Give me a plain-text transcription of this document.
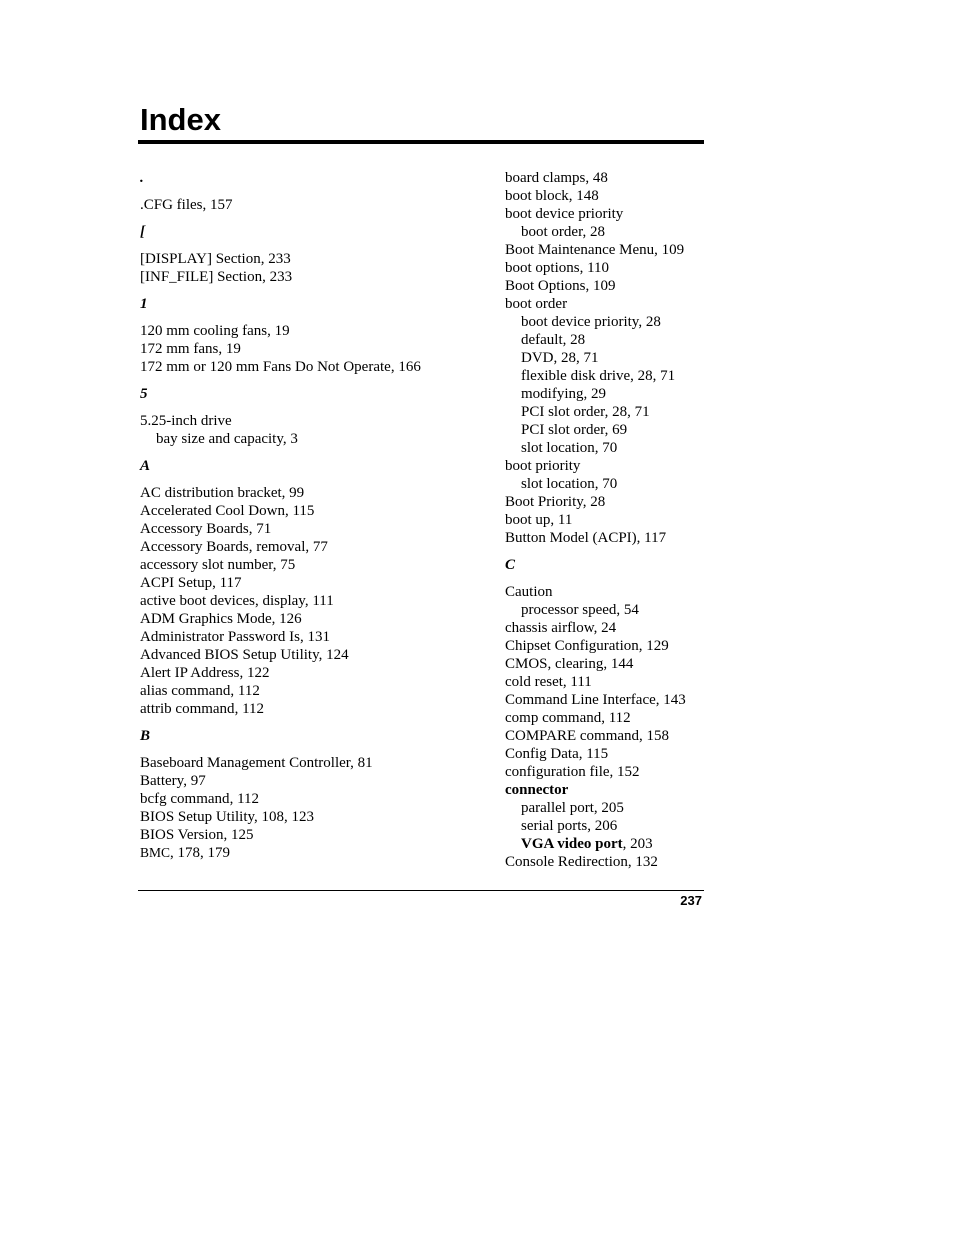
Index
.
.CFG files, 157
[
[DISPLAY] Section, 233
[INF_FILE] Section, 233
1
120 mm cooling fans, 19
172 mm fans, 19
172 mm or 120 mm Fans Do Not Operate, 166
5
5.25-inch drive
bay size and capacity, 3
A
AC distribution bracket, 99
Accelerated Cool Down, 115
Accessory Boards, 71
Accessory Boards, removal, 77
accessory slot number, 75
ACPI Setup, 117
active boot devices, display, 111
ADM Graphics Mode, 126
Administrator Password Is, 131
Advanced BIOS Setup Utility, 124
Alert IP Address, 122
alias command, 112
attrib command, 112
B
Baseboard Management Controller, 81
Battery, 97
bcfg command, 112
BIOS Setup Utility, 108, 123
BIOS Version, 125
BMC, 178, 179
board clamps, 48
boot block, 148
boot device priority
boot order, 28
Boot Maintenance Menu, 109
boot options, 110
Boot Options, 109
boot order
boot device priority, 28
default, 28
DVD, 28, 71
flexible disk drive, 28, 71
modifying, 29
PCI slot order, 28, 71
PCI slot order, 69
slot location, 70
boot priority
slot location, 70
Boot Priority, 28
boot up, 11
Button Model (ACPI), 117
C
Caution
processor speed, 54
chassis airflow, 24
Chipset Configuration, 129
CMOS, clearing, 144
cold reset, 111
Command Line Interface, 143
comp command, 112
COMPARE command, 158
Config Data, 115
configuration file, 152
connector
parallel port, 205
serial ports, 206
VGA video port, 203
Console Redirection, 132
237
